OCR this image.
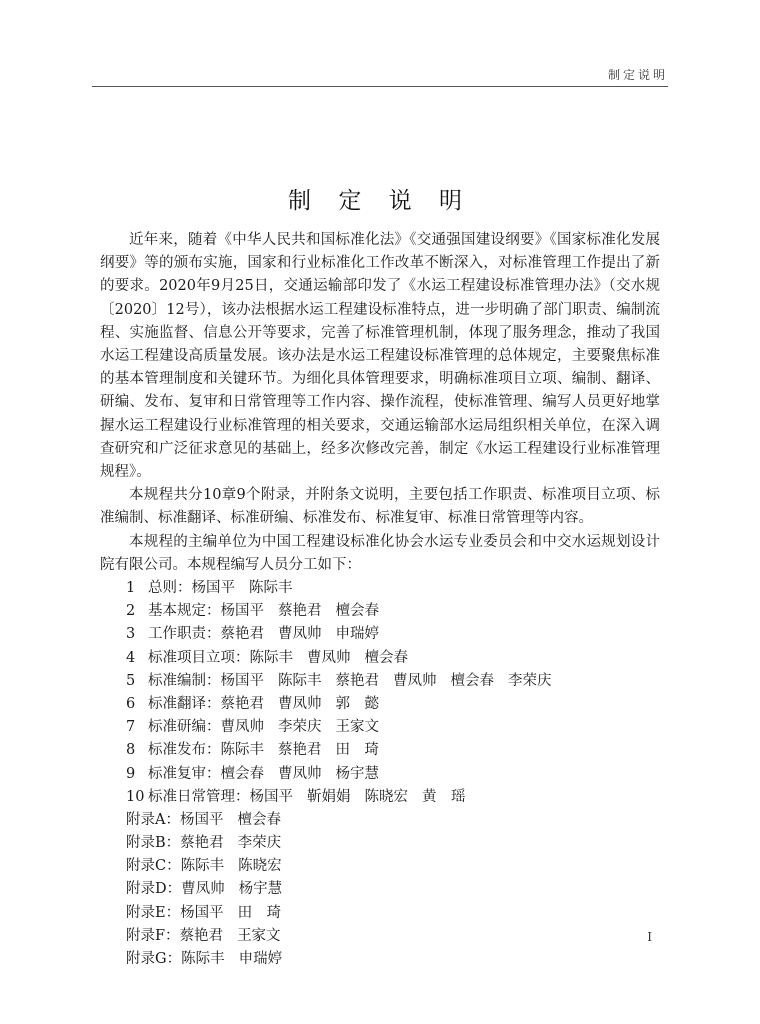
制定说明
制 定 说 明

近年来，随着《中华人民共和国标准化法》《交通强国建设纲要》《国家标准化发展纲要》等的颁布实施，国家和行业标准化工作改革不断深入，对标准管理工作提出了新的要求。2020年9月25日，交通运输部印发了《水运工程建设标准管理办法》（交水规〔2020〕12号），该办法根据水运工程建设标准特点，进一步明确了部门职责、编制流程、实施监督、信息公开等要求，完善了标准管理机制，体现了服务理念，推动了我国水运工程建设高质量发展。该办法是水运工程建设标准管理的总体规定，主要聚焦标准的基本管理制度和关键环节。为细化具体管理要求，明确标准项目立项、编制、翻译、研编、发布、复审和日常管理等工作内容、操作流程，使标准管理、编写人员更好地掌握水运工程建设行业标准管理的相关要求，交通运输部水运局组织相关单位，在深入调查研究和广泛征求意见的基础上，经多次修改完善，制定《水运工程建设行业标准管理规程》。

本规程共分10章9个附录，并附条文说明，主要包括工作职责、标准项目立项、标准编制、标准翻译、标准研编、标准发布、标准复审、标准日常管理等内容。

本规程的主编单位为中国工程建设标准化协会水运专业委员会和中交水运规划设计院有限公司。本规程编写人员分工如下：

1 总则： 杨国平 陈际丰
2 基本规定： 杨国平 蔡艳君 檀会春
3 工作职责： 蔡艳君 曹凤帅 申瑞婷
4 标准项目立项： 陈际丰 曹凤帅 檀会春
5 标准编制： 杨国平 陈际丰 蔡艳君 曹凤帅 檀会春 李荣庆
6 标准翻译： 蔡艳君 曹凤帅 郭　懿
7 标准研编： 曹凤帅 李荣庆 王家文
8 标准发布： 陈际丰 蔡艳君 田　琦
9 标准复审： 檀会春 曹凤帅 杨宇慧
10 标准日常管理： 杨国平 靳娟娟 陈晓宏 黄　瑶
附录A： 杨国平 檀会春
附录B： 蔡艳君 李荣庆
附录C： 陈际丰 陈晓宏
附录D： 曹凤帅 杨宇慧
附录E： 杨国平 田　琦
附录F： 蔡艳君 王家文
附录G： 陈际丰 申瑞婷
I
